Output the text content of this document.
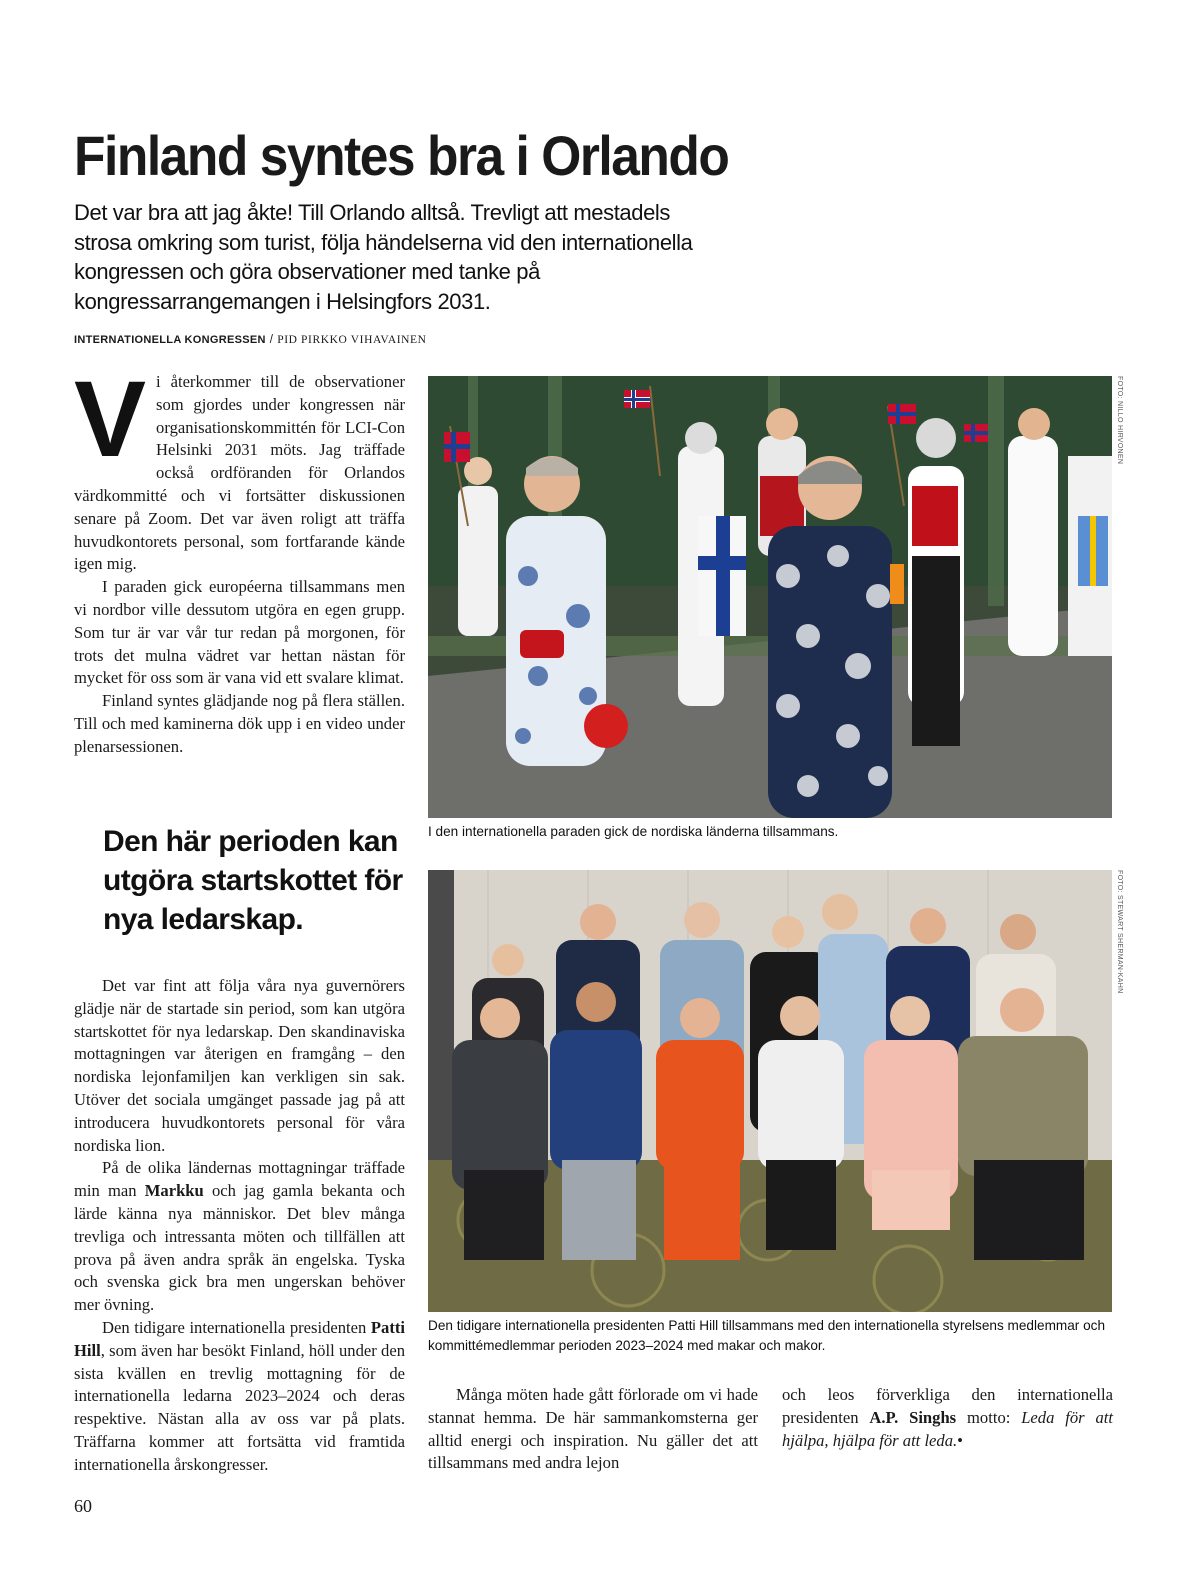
Finland syntes bra i Orlando

Det var bra att jag åkte! Till Orlando alltså. Trevligt att mestadels strosa omkring som turist, följa händelserna vid den internationella kongressen och göra observationer med tanke på kongressarrangemangen i Helsingfors 2031.

INTERNATIONELLA KONGRESSEN / PID PIRKKO VIHAVAINEN

Vi återkommer till de observationer som gjordes under kongressen när organisationskommittén för LCI-Con Helsinki 2031 möts. Jag träffade också ordföranden för Orlandos värdkommitté och vi fortsätter diskussionen senare på Zoom. Det var även roligt att träffa huvudkontorets personal, som fortfarande kände igen mig.

I paraden gick européerna tillsammans men vi nordbor ville dessutom utgöra en egen grupp. Som tur är var vår tur redan på morgonen, för trots det mulna vädret var hettan nästan för mycket för oss som är vana vid ett svalare klimat.

Finland syntes glädjande nog på flera ställen. Till och med kaminerna dök upp i en video under plenarsessionen.

Den här perioden kan utgöra startskottet för nya ledarskap.

Det var fint att följa våra nya guvernörers glädje när de startade sin period, som kan utgöra startskottet för nya ledarskap. Den skandinaviska mottagningen var återigen en framgång – den nordiska lejonfamiljen kan verkligen sin sak. Utöver det sociala umgänget passade jag på att introducera huvudkontorets personal för våra nordiska lion.

På de olika ländernas mottagningar träffade min man Markku och jag gamla bekanta och lärde känna nya människor. Det blev många trevliga och intressanta möten och tillfällen att prova på även andra språk än engelska. Tyska och svenska gick bra men ungerskan behöver mer övning.

Den tidigare internationella presidenten Patti Hill, som även har besökt Finland, höll under den sista kvällen en trevlig mottagning för de internationella ledarna 2023–2024 och deras respektive. Nästan alla av oss var på plats. Träffarna kommer att fortsätta vid framtida internationella årskongresser.

FOTO: NILLO HIRVONEN
I den internationella paraden gick de nordiska länderna tillsammans.
FOTO: STEWART SHERMAN-KAHN
Den tidigare internationella presidenten Patti Hill tillsammans med den internationella styrelsens medlemmar och kommittémedlemmar perioden 2023–2024 med makar och makor.

Många möten hade gått förlorade om vi hade stannat hemma. De här sammankomsterna ger alltid energi och inspiration. Nu gäller det att tillsammans med andra lejon

och leos förverkliga den internationella presidenten A.P. Singhs motto: Leda för att hjälpa, hjälpa för att leda.•

60
